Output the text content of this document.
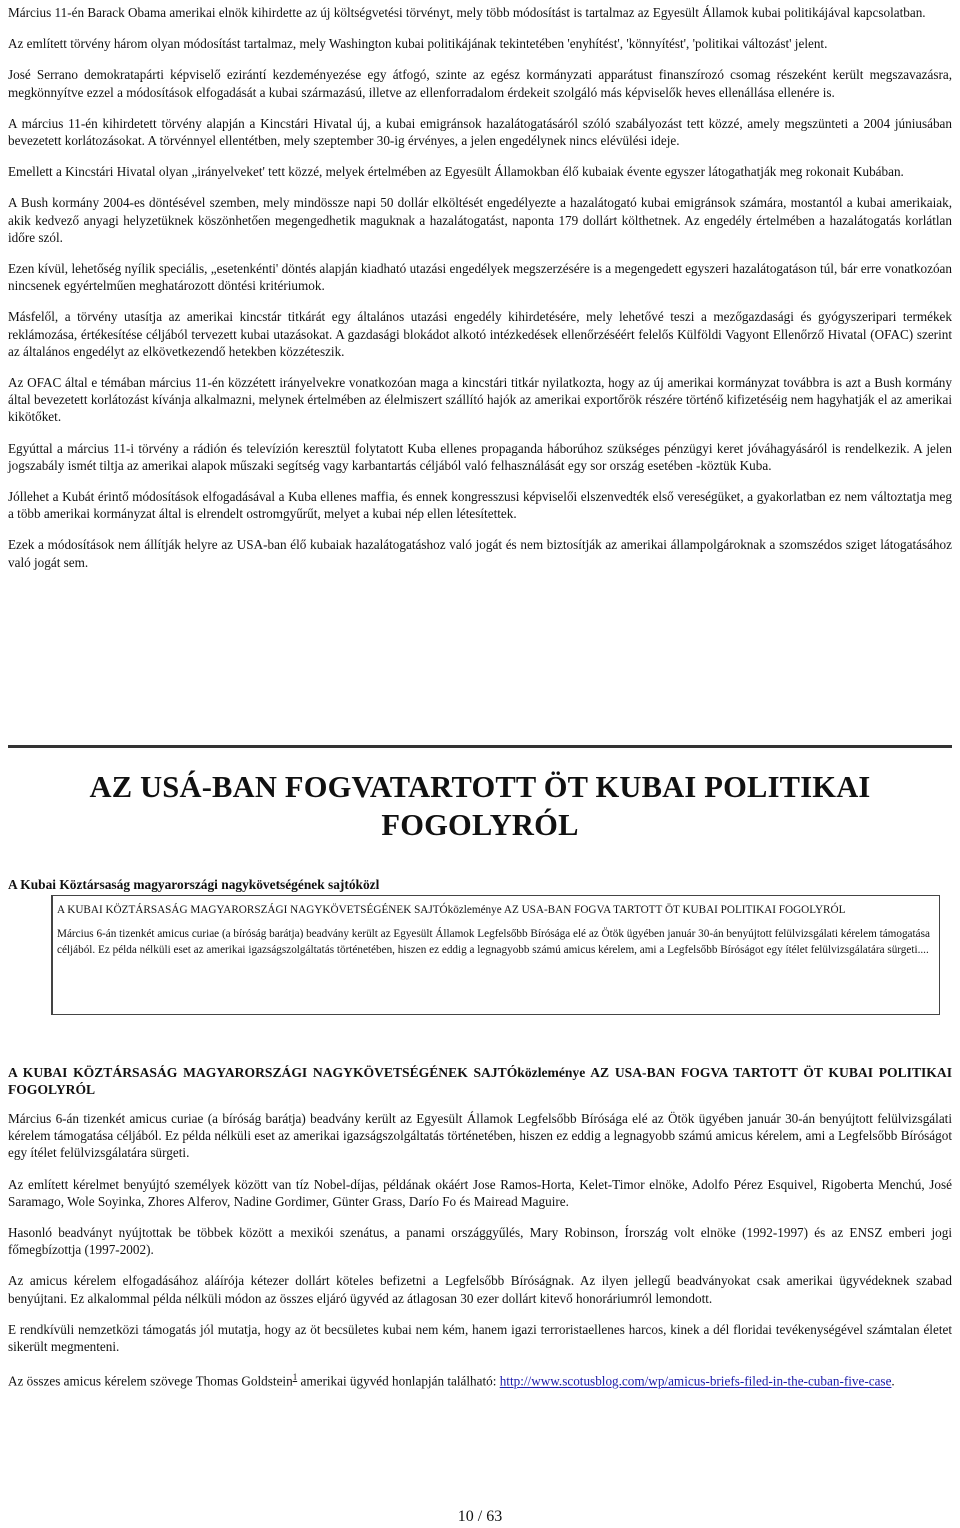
Március 11-én Barack Obama amerikai elnök kihirdette az új költségvetési törvényt, mely több módosítást is tartalmaz az Egyesült Államok kubai politikájával kapcsolatban.

Az említett törvény három olyan módosítást tartalmaz, mely Washington kubai politikájának tekintetében 'enyhítést', 'könnyítést', 'politikai változást' jelent.

José Serrano demokratapárti képviselő ezirántí kezdeményezése egy átfogó, szinte az egész kormányzati apparátust finanszírozó csomag részeként került megszavazásra, megkönnyítve ezzel a módosítások elfogadását a kubai származású, illetve az ellenforradalom érdekeit szolgáló más képviselők heves ellenállása ellenére is.

A március 11-én kihirdetett törvény alapján a Kincstári Hivatal új, a kubai emigránsok hazalátogatásáról szóló szabályozást tett közzé, amely megszünteti a 2004 júniusában bevezetett korlátozásokat. A törvénnyel ellentétben, mely szeptember 30-ig érvényes, a jelen engedélynek nincs elévülési ideje.

Emellett a Kincstári Hivatal olyan „irányelveket' tett közzé, melyek értelmében az Egyesült Államokban élő kubaiak évente egyszer látogathatják meg rokonait Kubában.

A Bush kormány 2004-es döntésével szemben, mely mindössze napi 50 dollár elköltését engedélyezte a hazalátogató kubai emigránsok számára, mostantól a kubai amerikaiak, akik kedvező anyagi helyzetüknek köszönhetően megengedhetik maguknak a hazalátogatást, naponta 179 dollárt költhetnek. Az engedély értelmében a hazalátogatás korlátlan időre szól.

Ezen kívül, lehetőség nyílik speciális, „esetenkénti' döntés alapján kiadható utazási engedélyek megszerzésére is a megengedett egyszeri hazalátogatáson túl, bár erre vonatkozóan nincsenek egyértelműen meghatározott döntési kritériumok.

Másfelől, a törvény utasítja az amerikai kincstár titkárát egy általános utazási engedély kihirdetésére, mely lehetővé teszi a mezőgazdasági és gyógyszeripari termékek reklámozása, értékesítése céljából tervezett kubai utazásokat. A gazdasági blokádot alkotó intézkedések ellenőrzéséért felelős Külföldi Vagyont Ellenőrző Hivatal (OFAC) szerint az általános engedélyt az elkövetkezendő hetekben közzéteszik.

Az OFAC által e témában március 11-én közzétett irányelvekre vonatkozóan maga a kincstári titkár nyilatkozta, hogy az új amerikai kormányzat továbbra is azt a Bush kormány által bevezetett korlátozást kívánja alkalmazni, melynek értelmében az élelmiszert szállító hajók az amerikai exportőrök részére történő kifizetéséig nem hagyhatják el az amerikai kikötőket.

Egyúttal a március 11-i törvény a rádión és televízión keresztül folytatott Kuba ellenes propaganda háborúhoz szükséges pénzügyi keret jóváhagyásáról is rendelkezik. A jelen jogszabály ismét tiltja az amerikai alapok műszaki segítség vagy karbantartás céljából való felhasználását egy sor ország esetében -köztük Kuba.

Jóllehet a Kubát érintő módosítások elfogadásával a Kuba ellenes maffia, és ennek kongresszusi képviselői elszenvedték első vereségüket, a gyakorlatban ez nem változtatja meg a több amerikai kormányzat által is elrendelt ostromgyűrűt, melyet a kubai nép ellen létesítettek.

Ezek a módosítások nem állítják helyre az USA-ban élő kubaiak hazalátogatáshoz való jogát és nem biztosítják az amerikai állampolgároknak a szomszédos sziget látogatásához való jogát sem.

AZ USÁ-BAN FOGVATARTOTT ÖT KUBAI POLITIKAI
FOGOLYRÓL
A Kubai Köztársaság magyarországi nagykövetségének sajtóközl

A KUBAI KÖZTÁRSASÁG MAGYARORSZÁGI NAGYKÖVETSÉGÉNEK SAJTÓközleménye AZ USA-BAN FOGVA TARTOTT ÖT KUBAI POLITIKAI FOGOLYRÓL

Március 6-án tizenkét amicus curiae (a bíróság barátja) beadvány került az Egyesült Államok Legfelsőbb Bírósága elé az Ötök ügyében január 30-án benyújtott felülvizsgálati kérelem támogatása céljából. Ez példa nélküli eset az amerikai igazságszolgáltatás történetében, hiszen ez eddig a legnagyobb számú amicus kérelem, ami a Legfelsőbb Bíróságot egy ítélet felülvizsgálatára sürgeti....

A KUBAI KÖZTÁRSASÁG MAGYARORSZÁGI NAGYKÖVETSÉGÉNEK SAJTÓközleménye AZ USA-BAN FOGVA TARTOTT ÖT KUBAI POLITIKAI FOGOLYRÓL

Március 6-án tizenkét amicus curiae (a bíróság barátja) beadvány került az Egyesült Államok Legfelsőbb Bírósága elé az Ötök ügyében január 30-án benyújtott felülvizsgálati kérelem támogatása céljából. Ez példa nélküli eset az amerikai igazságszolgáltatás történetében, hiszen ez eddig a legnagyobb számú amicus kérelem, ami a Legfelsőbb Bíróságot egy ítélet felülvizsgálatára sürgeti.

Az említett kérelmet benyújtó személyek között van tíz Nobel-díjas, példának okáért Jose Ramos-Horta, Kelet-Timor elnöke, Adolfo Pérez Esquivel, Rigoberta Menchú, José Saramago, Wole Soyinka, Zhores Alferov, Nadine Gordimer, Günter Grass, Darío Fo és Mairead Maguire.

Hasonló beadványt nyújtottak be többek között a mexikói szenátus, a panami országgyűlés, Mary Robinson, Írország volt elnöke (1992-1997) és az ENSZ emberi jogi főmegbízottja (1997-2002).

Az amicus kérelem elfogadásához aláírója kétezer dollárt köteles befizetni a Legfelsőbb Bíróságnak. Az ilyen jellegű beadványokat csak amerikai ügyvédeknek szabad benyújtani. Ez alkalommal példa nélküli módon az összes eljáró ügyvéd az átlagosan 30 ezer dollárt kitevő honoráriumról lemondott.

E rendkívüli nemzetközi támogatás jól mutatja, hogy az öt becsületes kubai nem kém, hanem igazi terroristaellenes harcos, kinek a dél floridai tevékenységével számtalan életet sikerült megmenteni.

Az összes amicus kérelem szövege Thomas Goldstein$^1$ amerikai ügyvéd honlapján található: http://www.scotusblog.com/wp/amicus-briefs-filed-in-the-cuban-five-case.

10 / 63
